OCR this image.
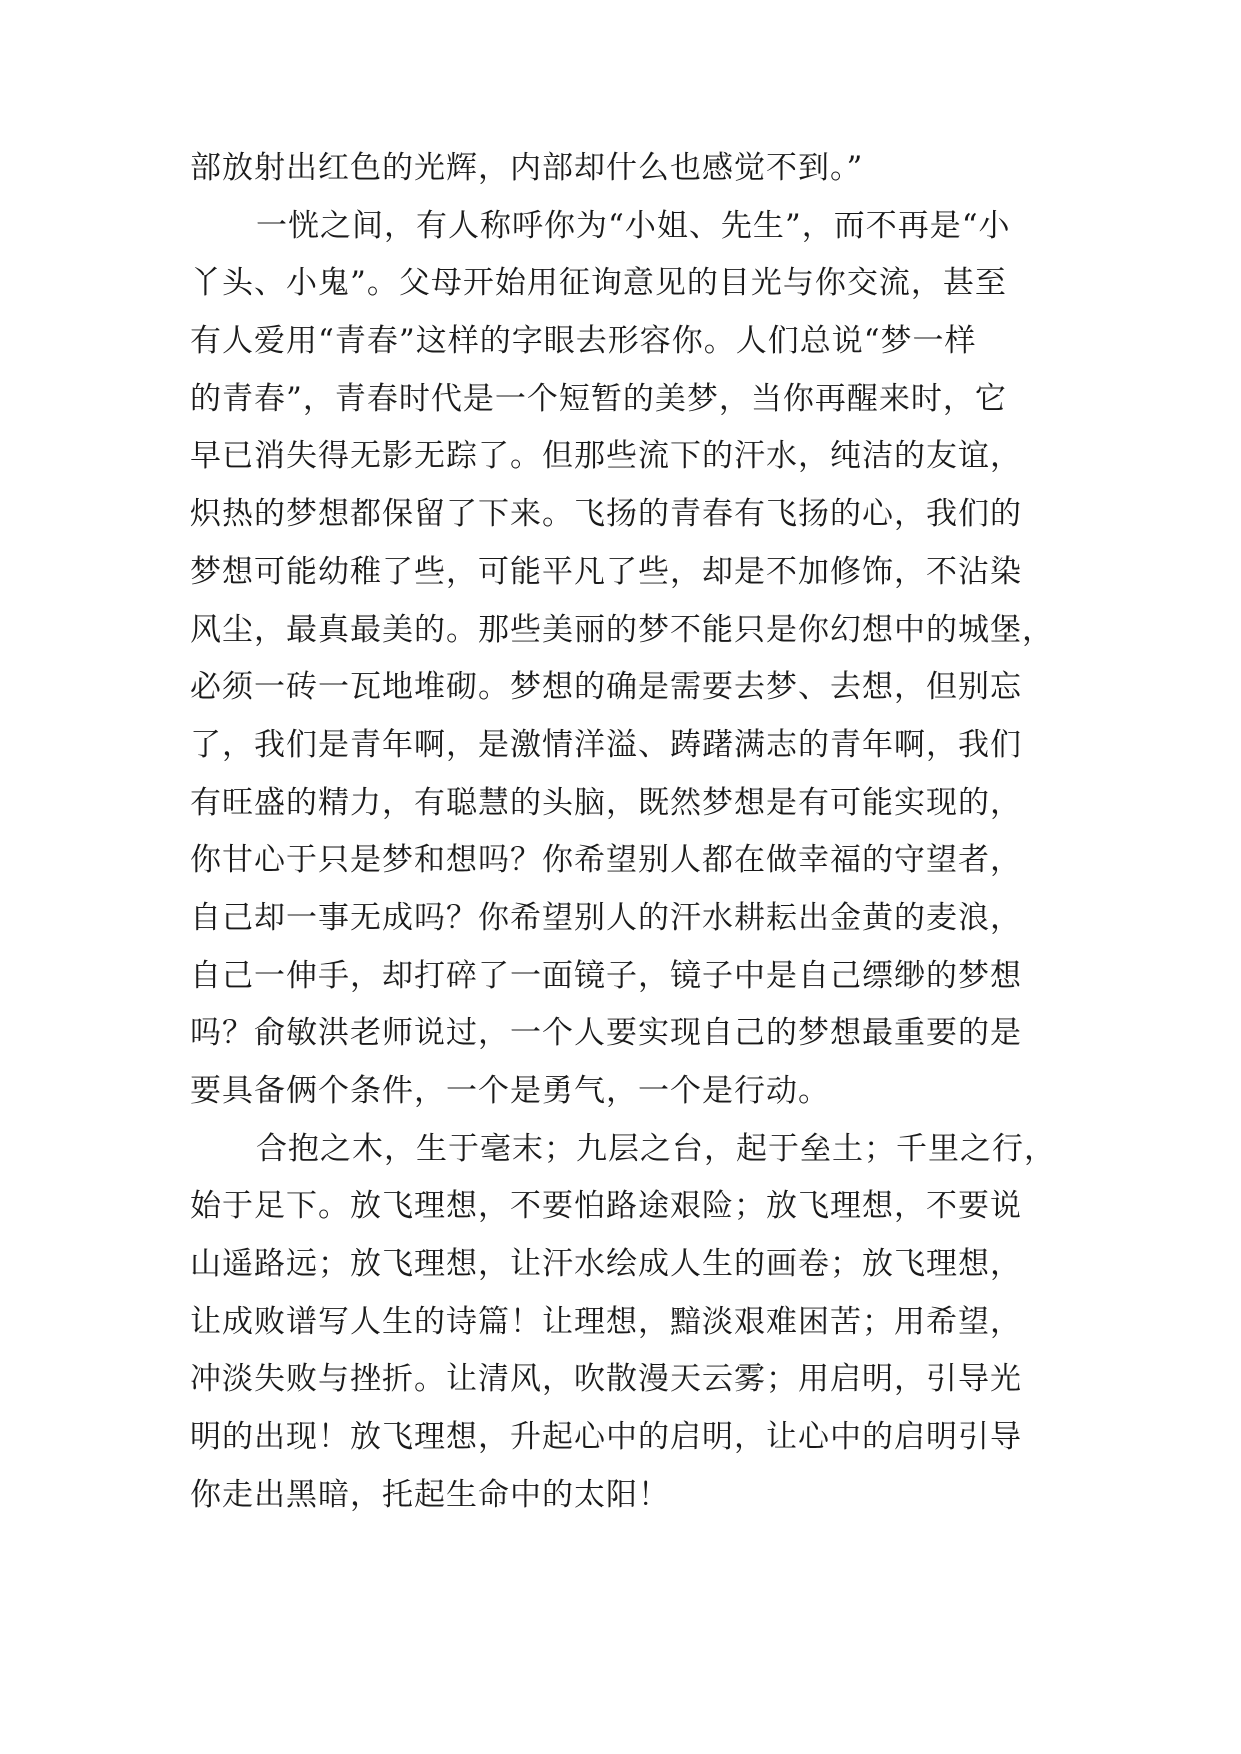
部放射出红色的光辉，内部却什么也感觉不到。”
一恍之间，有人称呼你为“小姐、先生”，而不再是“小
丫头、小鬼”。父母开始用征询意见的目光与你交流，甚至
有人爱用“青春”这样的字眼去形容你。人们总说“梦一样
的青春”，青春时代是一个短暂的美梦，当你再醒来时，它
早已消失得无影无踪了。但那些流下的汗水，纯洁的友谊，
炽热的梦想都保留了下来。飞扬的青春有飞扬的心，我们的
梦想可能幼稚了些，可能平凡了些，却是不加修饰，不沾染
风尘，最真最美的。那些美丽的梦不能只是你幻想中的城堡，
必须一砖一瓦地堆砌。梦想的确是需要去梦、去想，但别忘
了，我们是青年啊，是激情洋溢、踌躇满志的青年啊，我们
有旺盛的精力，有聪慧的头脑，既然梦想是有可能实现的，
你甘心于只是梦和想吗？你希望别人都在做幸福的守望者，
自己却一事无成吗？你希望别人的汗水耕耘出金黄的麦浪，
自己一伸手，却打碎了一面镜子，镜子中是自己缥缈的梦想
吗？俞敏洪老师说过，一个人要实现自己的梦想最重要的是
要具备俩个条件，一个是勇气，一个是行动。
合抱之木，生于毫末；九层之台，起于垒土；千里之行，
始于足下。放飞理想，不要怕路途艰险；放飞理想，不要说
山遥路远；放飞理想，让汗水绘成人生的画卷；放飞理想，
让成败谱写人生的诗篇！让理想，黯淡艰难困苦；用希望，
冲淡失败与挫折。让清风，吹散漫天云雾；用启明，引导光
明的出现！放飞理想，升起心中的启明，让心中的启明引导
你走出黑暗，托起生命中的太阳！
